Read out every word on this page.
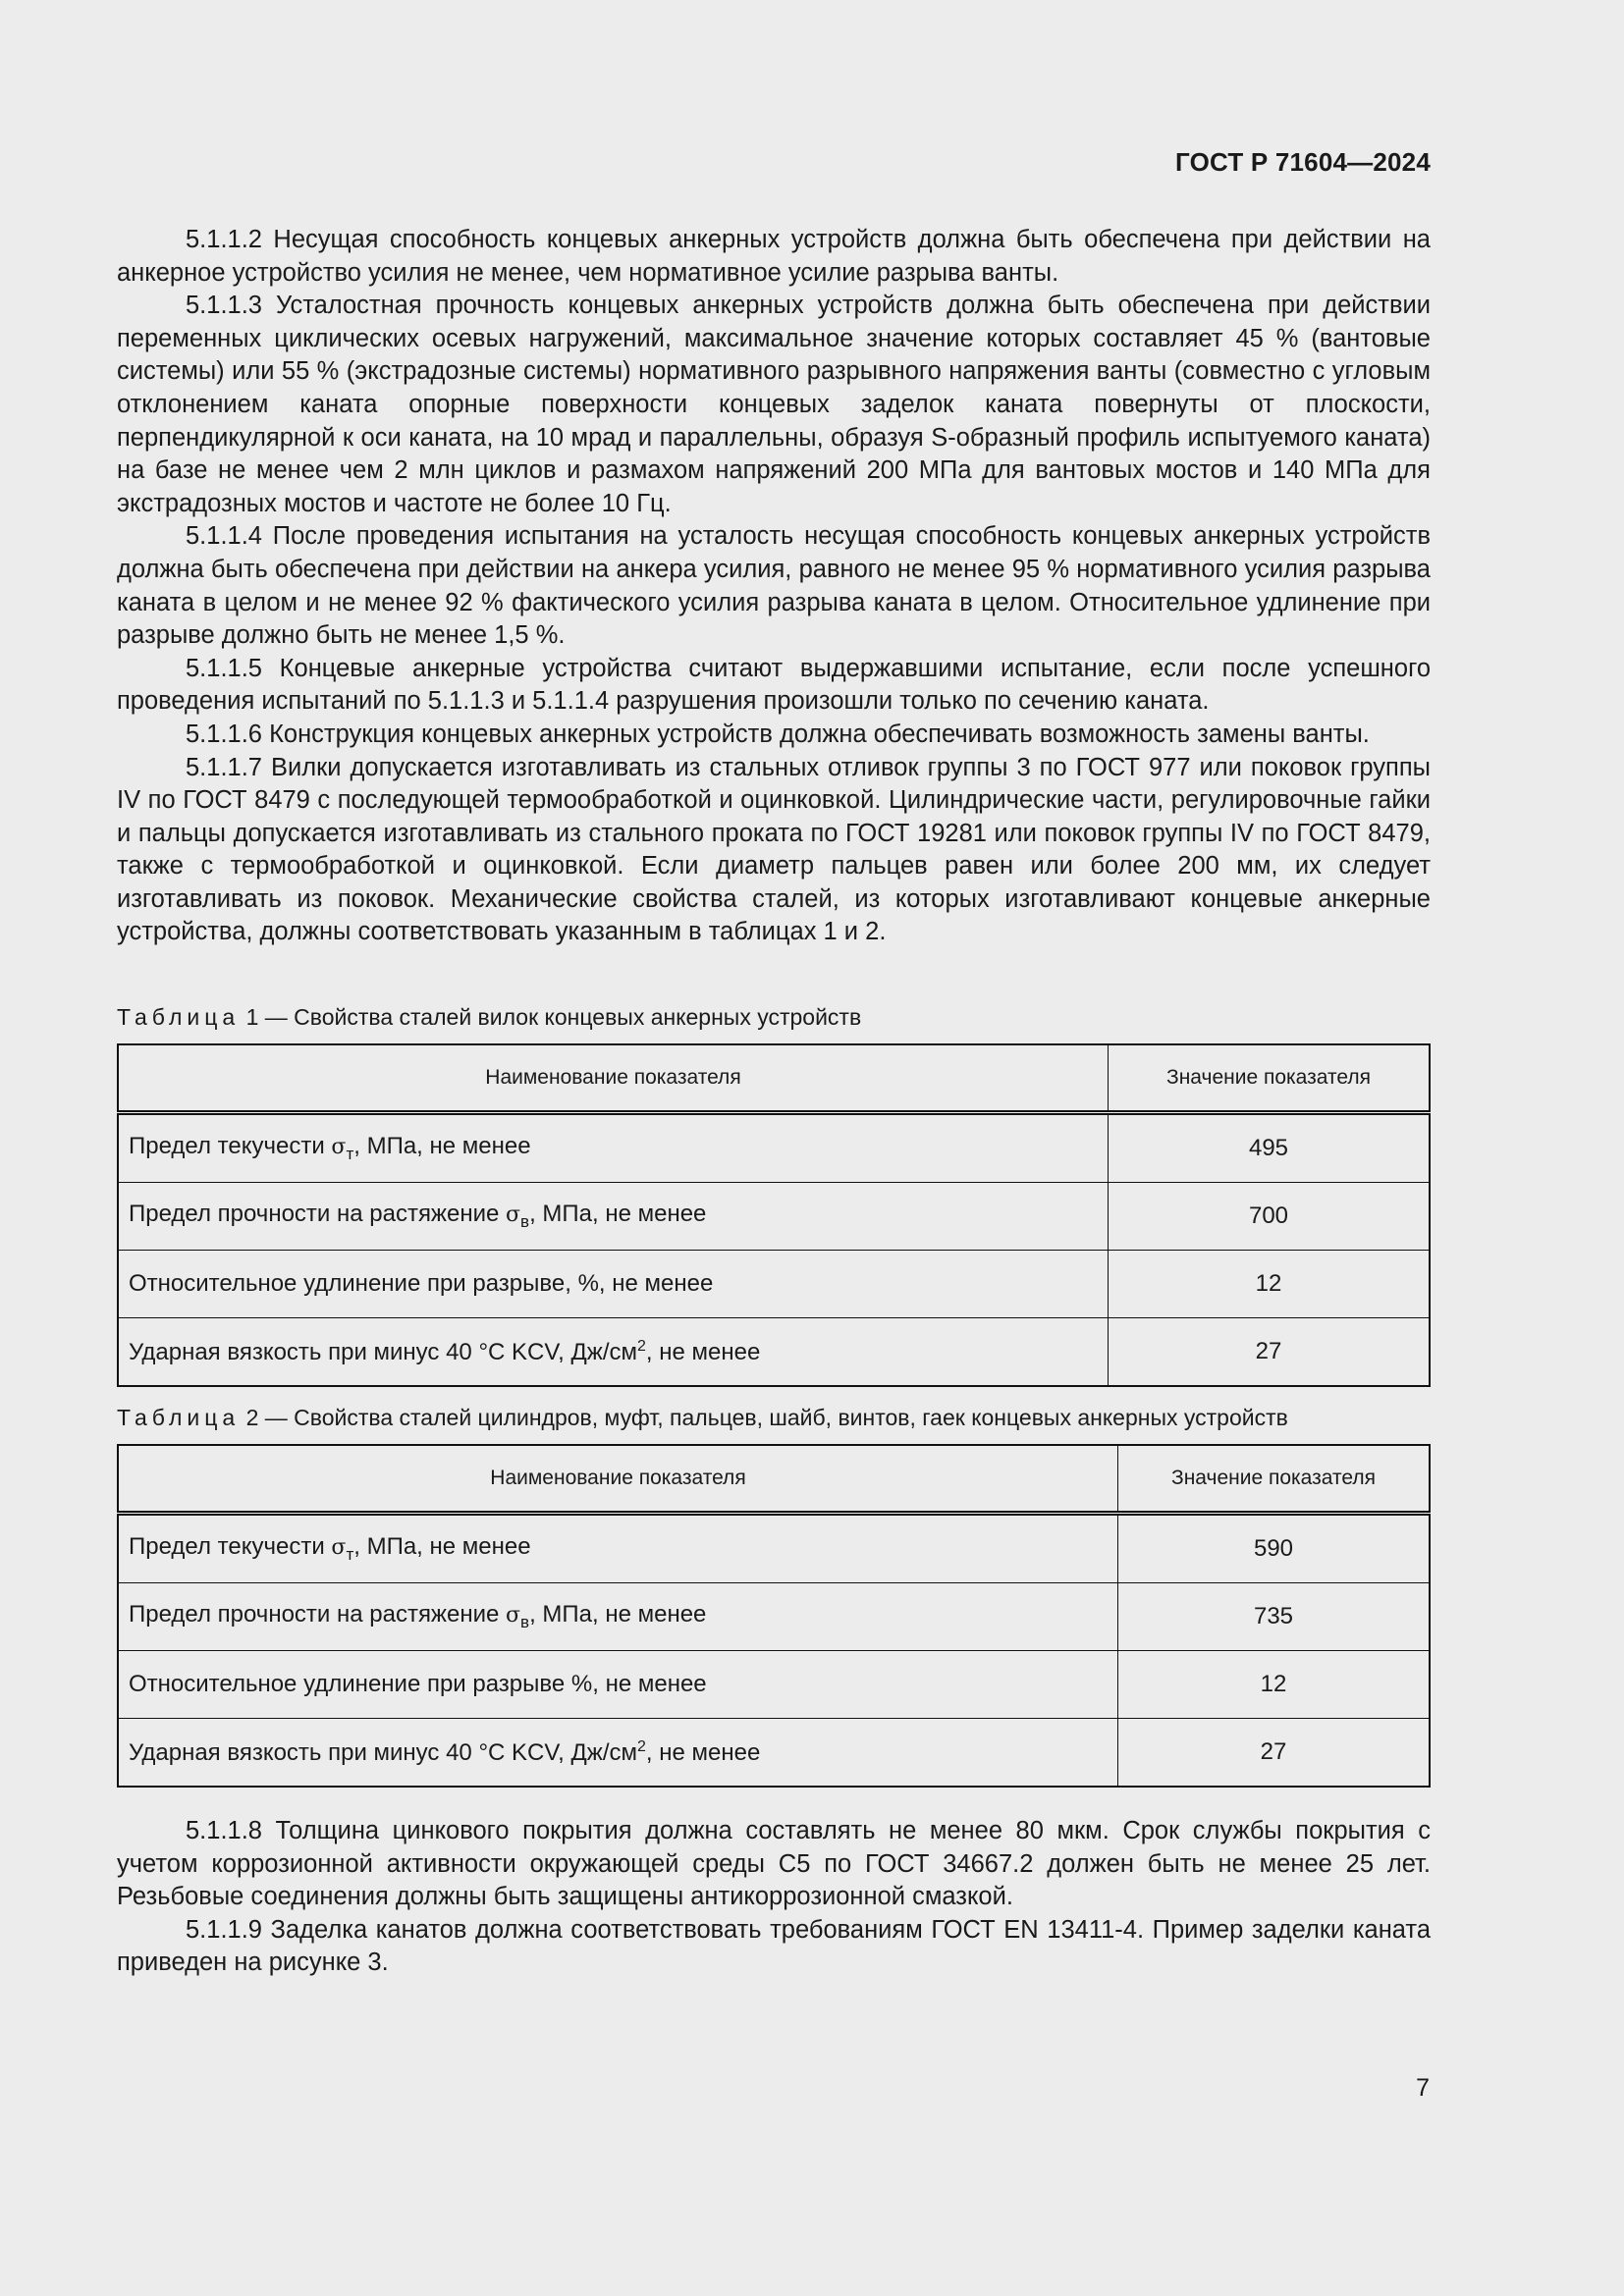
ГОСТ Р 71604—2024

5.1.1.2 Несущая способность концевых анкерных устройств должна быть обеспечена при действии на анкерное устройство усилия не менее, чем нормативное усилие разрыва ванты.

5.1.1.3 Усталостная прочность концевых анкерных устройств должна быть обеспечена при действии переменных циклических осевых нагружений, максимальное значение которых составляет 45 % (вантовые системы) или 55 % (экстрадозные системы) нормативного разрывного напряжения ванты (совместно с угловым отклонением каната опорные поверхности концевых заделок каната повернуты от плоскости, перпендикулярной к оси каната, на 10 мрад и параллельны, образуя S-образный профиль испытуемого каната) на базе не менее чем 2 млн циклов и размахом напряжений 200 МПа для вантовых мостов и 140 МПа для экстрадозных мостов и частоте не более 10 Гц.

5.1.1.4 После проведения испытания на усталость несущая способность концевых анкерных устройств должна быть обеспечена при действии на анкера усилия, равного не менее 95 % нормативного усилия разрыва каната в целом и не менее 92 % фактического усилия разрыва каната в целом. Относительное удлинение при разрыве должно быть не менее 1,5 %.

5.1.1.5 Концевые анкерные устройства считают выдержавшими испытание, если после успешного проведения испытаний по 5.1.1.3 и 5.1.1.4 разрушения произошли только по сечению каната.

5.1.1.6 Конструкция концевых анкерных устройств должна обеспечивать возможность замены ванты.

5.1.1.7 Вилки допускается изготавливать из стальных отливок группы 3 по ГОСТ 977 или поковок группы IV по ГОСТ 8479 с последующей термообработкой и оцинковкой. Цилиндрические части, регулировочные гайки и пальцы допускается изготавливать из стального проката по ГОСТ 19281 или поковок группы IV по ГОСТ 8479, также с термообработкой и оцинковкой. Если диаметр пальцев равен или более 200 мм, их следует изготавливать из поковок. Механические свойства сталей, из которых изготавливают концевые анкерные устройства, должны соответствовать указанным в таблицах 1 и 2.

Таблица 1 — Свойства сталей вилок концевых анкерных устройств

Наименование показателя	Значение показателя
Предел текучести $\sigma_т$, МПа, не менее	495
Предел прочности на растяжение $\sigma_в$, МПа, не менее	700
Относительное удлинение при разрыве, %, не менее	12
Ударная вязкость при минус 40 °C KCV, $Дж/см^2$, не менее	27

Таблица 2 — Свойства сталей цилиндров, муфт, пальцев, шайб, винтов, гаек концевых анкерных устройств

Наименование показателя	Значение показателя
Предел текучести $\sigma_т$, МПа, не менее	590
Предел прочности на растяжение $\sigma_в$, МПа, не менее	735
Относительное удлинение при разрыве %, не менее	12
Ударная вязкость при минус 40 °C KCV, $Дж/см^2$, не менее	27

5.1.1.8 Толщина цинкового покрытия должна составлять не менее 80 мкм. Срок службы покрытия с учетом коррозионной активности окружающей среды C5 по ГОСТ 34667.2 должен быть не менее 25 лет. Резьбовые соединения должны быть защищены антикоррозионной смазкой.

5.1.1.9 Заделка канатов должна соответствовать требованиям ГОСТ EN 13411-4. Пример заделки каната приведен на рисунке 3.

7
